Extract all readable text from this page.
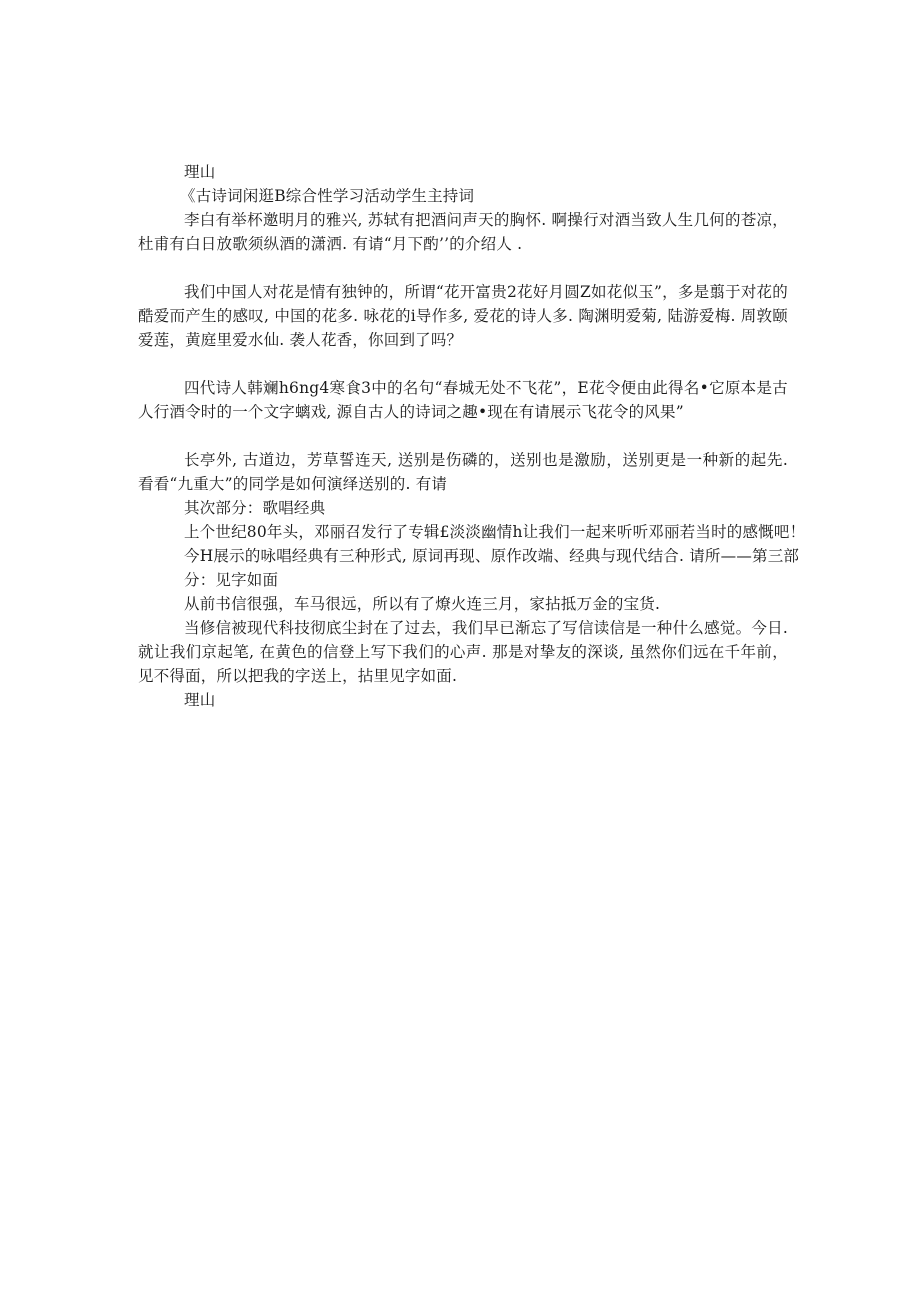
理山
《古诗词闲逛B综合性学习活动学生主持词
李白有举杯邀明月的雅兴, 苏轼有把酒问声天的胸怀. 啊操行对酒当致人生几何的苍凉，杜甫有白日放歌须纵酒的潇洒. 有请“月下酌’’的介绍人 .
我们中国人对花是情有独钟的，所谓“花开富贵2花好月圆Z如花似玉”，多是翦于对花的酷爱而产生的感叹, 中国的花多. 咏花的i导作多, 爱花的诗人多. 陶渊明爱菊, 陆游爱梅. 周敦颐爱莲，黄庭里爱水仙. 袭人花香，你回到了吗？
四代诗人韩斓h6ng4寒食3中的名句“春城无处不飞花”，E花令便由此得名•它原本是古人行酒令时的一个文字螭戏, 源自古人的诗词之趣•现在有请展示飞花令的风果”
长亭外, 古道边，芳草誓连天, 送别是伤磷的，送别也是激励，送别更是一种新的起先. 看看“九重大”的同学是如何演绎送别的. 有请
其次部分：歌唱经典
上个世纪80年头，邓丽召发行了专辑£淡淡幽情h让我们一起来听听邓丽若当时的感慨吧！
今H展示的咏唱经典有三种形式, 原词再现、原作改端、经典与现代结合. 请所——第三部
分：见字如面
从前书信很强，车马很远，所以有了燎火连三月，家拈抵万金的宝货.
当修信被现代科技彻底尘封在了过去，我们早已渐忘了写信读信是一种什么感觉。今日. 就让我们京起笔, 在黄色的信登上写下我们的心声. 那是对挚友的深谈, 虽然你们远在千年前，见不得面，所以把我的字送上，拈里见字如面.
理山
